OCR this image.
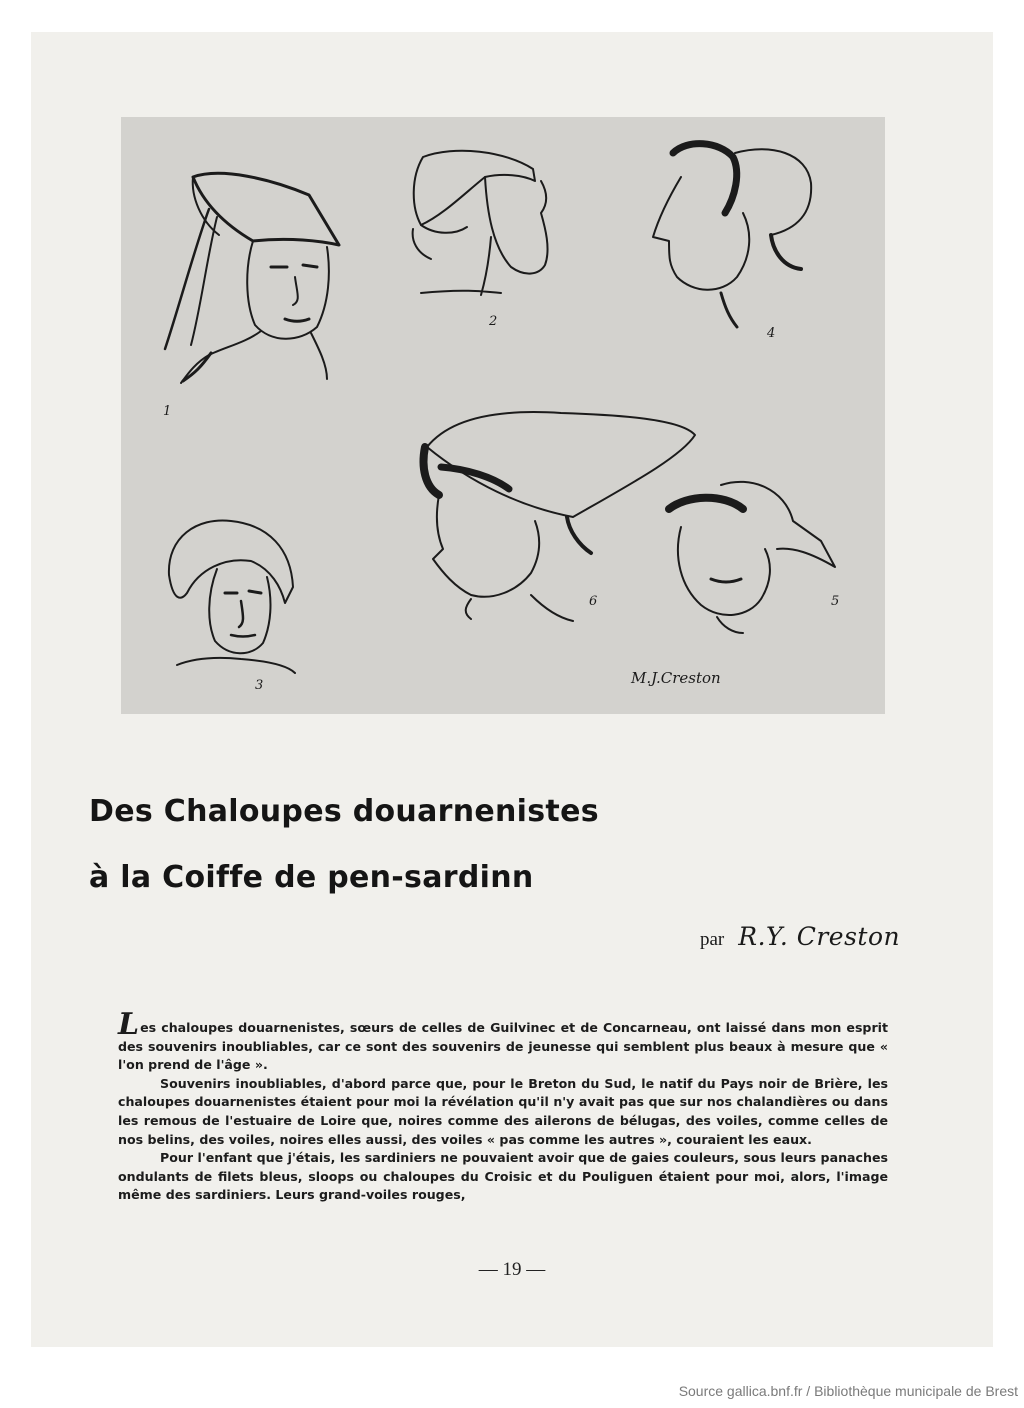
1
2
3
4
5
6
M.J.Creston
Des Chaloupes douarnenistes
à la Coiffe de pen-sardinn
par R.Y. Creston

Les chaloupes douarnenistes, sœurs de celles de Guilvinec et de Concarneau, ont laissé dans mon esprit des souvenirs inoubliables, car ce sont des souvenirs de jeunesse qui semblent plus beaux à mesure que « l'on prend de l'âge ».

Souvenirs inoubliables, d'abord parce que, pour le Breton du Sud, le natif du Pays noir de Brière, les chaloupes douarnenistes étaient pour moi la révélation qu'il n'y avait pas que sur nos chalandières ou dans les remous de l'estuaire de Loire que, noires comme des ailerons de bélugas, des voiles, comme celles de nos belins, des voiles, noires elles aussi, des voiles « pas comme les autres », couraient les eaux.

Pour l'enfant que j'étais, les sardiniers ne pouvaient avoir que de gaies couleurs, sous leurs panaches ondulants de filets bleus, sloops ou chaloupes du Croisic et du Pouliguen étaient pour moi, alors, l'image même des sardiniers. Leurs grand-voiles rouges,

— 19 —
Source gallica.bnf.fr / Bibliothèque municipale de Brest
